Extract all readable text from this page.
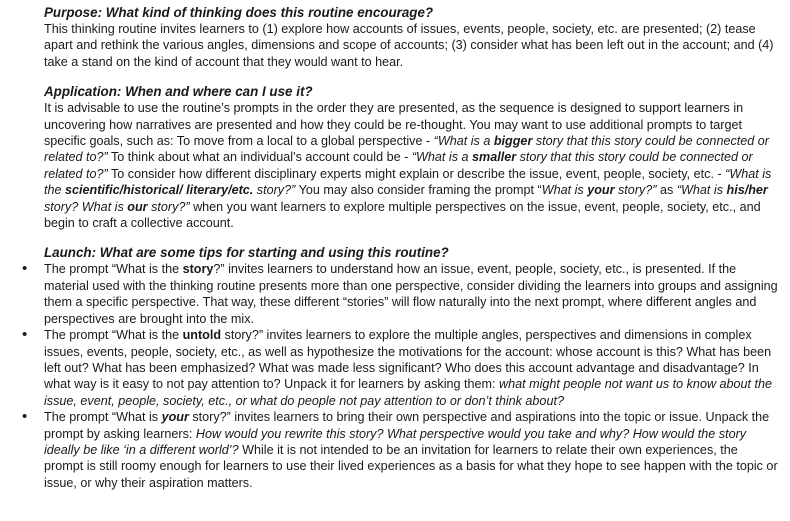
Purpose: What kind of thinking does this routine encourage?

This thinking routine invites learners to (1) explore how accounts of issues, events, people, society, etc. are presented; (2) tease apart and rethink the various angles, dimensions and scope of accounts; (3) consider what has been left out in the account; and (4) take a stand on the kind of account that they would want to hear.

Application: When and where can I use it?

It is advisable to use the routine’s prompts in the order they are presented, as the sequence is designed to support learners in uncovering how narratives are presented and how they could be re-thought. You may want to use additional prompts to target specific goals, such as: To move from a local to a global perspective - “What is a bigger story that this story could be connected or related to?” To think about what an individual’s account could be - “What is a smaller story that this story could be connected or related to?” To consider how different disciplinary experts might explain or describe the issue, event, people, society, etc. - “What is the scientific/historical/ literary/etc. story?” You may also consider framing the prompt “What is your story?” as “What is his/her story? What is our story?” when you want learners to explore multiple perspectives on the issue, event, people, society, etc., and begin to craft a collective account.

Launch: What are some tips for starting and using this routine?
• The prompt “What is the story?” invites learners to understand how an issue, event, people, society, etc., is presented. If the material used with the thinking routine presents more than one perspective, consider dividing the learners into groups and assigning them a specific perspective. That way, these different “stories” will flow naturally into the next prompt, where different angles and perspectives are brought into the mix.
• The prompt “What is the untold story?” invites learners to explore the multiple angles, perspectives and dimensions in complex issues, events, people, society, etc., as well as hypothesize the motivations for the account: whose account is this? What has been left out? What has been emphasized? What was made less significant? Who does this account advantage and disadvantage? In what way is it easy to not pay attention to? Unpack it for learners by asking them: what might people not want us to know about the issue, event, people, society, etc., or what do people not pay attention to or don’t think about?
• The prompt “What is your story?” invites learners to bring their own perspective and aspirations into the topic or issue. Unpack the prompt by asking learners: How would you rewrite this story? What perspective would you take and why? How would the story ideally be like ‘in a different world’? While it is not intended to be an invitation for learners to relate their own experiences, the prompt is still roomy enough for learners to use their lived experiences as a basis for what they hope to see happen with the topic or issue, or why their aspiration matters.
